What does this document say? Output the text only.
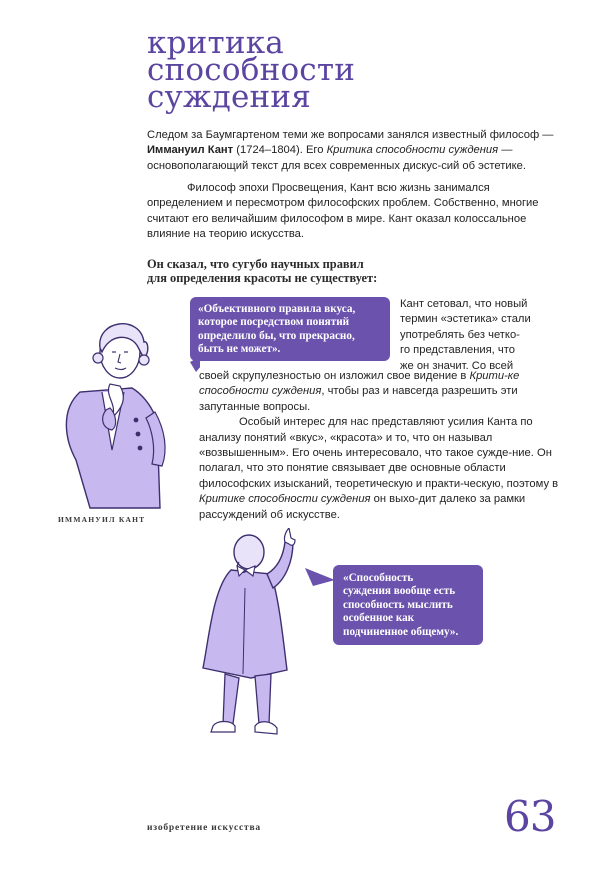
критика
способности
суждения
Следом за Баумгартеном теми же вопросами занялся известный философ — Иммануил Кант (1724–1804). Его Критика способности суждения — основополагающий текст для всех современных дискус-сий об эстетике.
Философ эпохи Просвещения, Кант всю жизнь занимался определением и пересмотром философских проблем. Собственно, многие считают его величайшим философом в мире. Кант оказал колоссальное влияние на теорию искусства.
Он сказал, что сугубо научных правил
для определения красоты не существует:
«Объективного правила вкуса,
которое посредством понятий
определило бы, что прекрасно,
быть не может».
Кант сетовал, что новый
термин «эстетика» стали
употреблять без четко-
го представления, что
же он значит. Со всей
своей скрупулезностью он изложил свое видение в Крити-ке способности суждения, чтобы раз и навсегда разрешить эти запутанные вопросы.
Особый интерес для нас представляют усилия Канта по анализу понятий «вкус», «красота» и то, что он называл «возвышенным». Его очень интересовало, что такое сужде-ние. Он полагал, что это понятие связывает две основные области философских изысканий, теоретическую и практи-ческую, поэтому в Критике способности суждения он выхо-дит далеко за рамки рассуждений об искусстве.
ИММАНУИЛ КАНТ
«Способность
суждения вообще есть
способность мыслить
особенное как
подчиненное общему».
изобретение искусства	63
